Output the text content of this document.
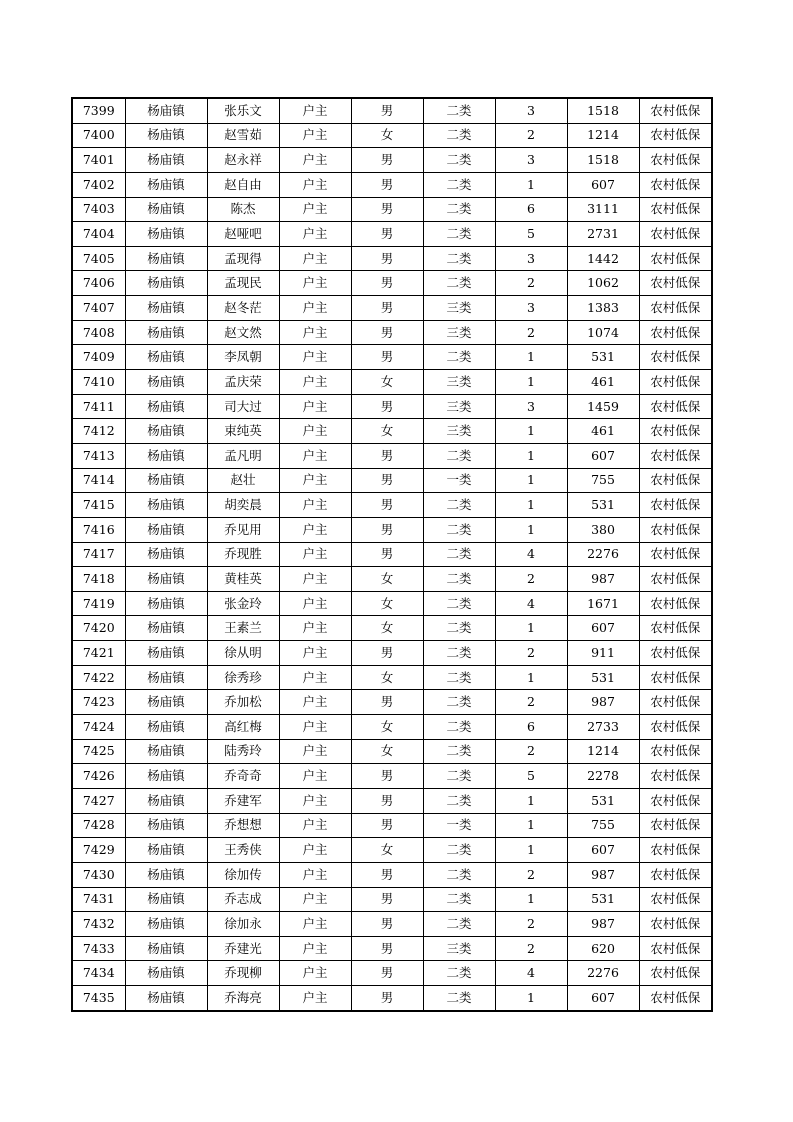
7399	杨庙镇	张乐文	户主	男	二类	3	1518	农村低保
7400	杨庙镇	赵雪茹	户主	女	二类	2	1214	农村低保
7401	杨庙镇	赵永祥	户主	男	二类	3	1518	农村低保
7402	杨庙镇	赵自由	户主	男	二类	1	607	农村低保
7403	杨庙镇	陈杰	户主	男	二类	6	3111	农村低保
7404	杨庙镇	赵哑吧	户主	男	二类	5	2731	农村低保
7405	杨庙镇	孟现得	户主	男	二类	3	1442	农村低保
7406	杨庙镇	孟现民	户主	男	二类	2	1062	农村低保
7407	杨庙镇	赵冬茫	户主	男	三类	3	1383	农村低保
7408	杨庙镇	赵文然	户主	男	三类	2	1074	农村低保
7409	杨庙镇	李凤朝	户主	男	二类	1	531	农村低保
7410	杨庙镇	孟庆荣	户主	女	三类	1	461	农村低保
7411	杨庙镇	司大过	户主	男	三类	3	1459	农村低保
7412	杨庙镇	束纯英	户主	女	三类	1	461	农村低保
7413	杨庙镇	孟凡明	户主	男	二类	1	607	农村低保
7414	杨庙镇	赵壮	户主	男	一类	1	755	农村低保
7415	杨庙镇	胡奕晨	户主	男	二类	1	531	农村低保
7416	杨庙镇	乔见用	户主	男	二类	1	380	农村低保
7417	杨庙镇	乔现胜	户主	男	二类	4	2276	农村低保
7418	杨庙镇	黄桂英	户主	女	二类	2	987	农村低保
7419	杨庙镇	张金玲	户主	女	二类	4	1671	农村低保
7420	杨庙镇	王素兰	户主	女	二类	1	607	农村低保
7421	杨庙镇	徐从明	户主	男	二类	2	911	农村低保
7422	杨庙镇	徐秀珍	户主	女	二类	1	531	农村低保
7423	杨庙镇	乔加松	户主	男	二类	2	987	农村低保
7424	杨庙镇	高红梅	户主	女	二类	6	2733	农村低保
7425	杨庙镇	陆秀玲	户主	女	二类	2	1214	农村低保
7426	杨庙镇	乔奇奇	户主	男	二类	5	2278	农村低保
7427	杨庙镇	乔建军	户主	男	二类	1	531	农村低保
7428	杨庙镇	乔想想	户主	男	一类	1	755	农村低保
7429	杨庙镇	王秀侠	户主	女	二类	1	607	农村低保
7430	杨庙镇	徐加传	户主	男	二类	2	987	农村低保
7431	杨庙镇	乔志成	户主	男	二类	1	531	农村低保
7432	杨庙镇	徐加永	户主	男	二类	2	987	农村低保
7433	杨庙镇	乔建光	户主	男	三类	2	620	农村低保
7434	杨庙镇	乔现柳	户主	男	二类	4	2276	农村低保
7435	杨庙镇	乔海亮	户主	男	二类	1	607	农村低保
